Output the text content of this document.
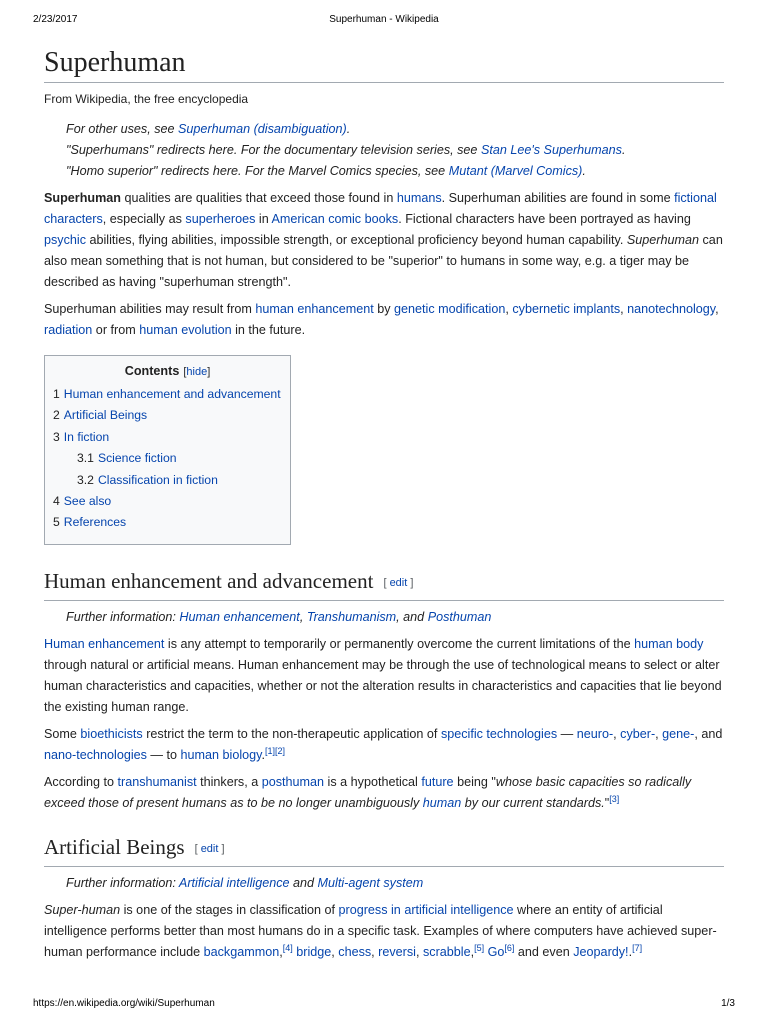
2/23/2017	Superhuman - Wikipedia
Superhuman
From Wikipedia, the free encyclopedia
For other uses, see Superhuman (disambiguation).
"Superhumans" redirects here. For the documentary television series, see Stan Lee's Superhumans.
"Homo superior" redirects here. For the Marvel Comics species, see Mutant (Marvel Comics).

Superhuman qualities are qualities that exceed those found in humans. Superhuman abilities are found in some fictional characters, especially as superheroes in American comic books. Fictional characters have been portrayed as having psychic abilities, flying abilities, impossible strength, or exceptional proficiency beyond human capability. Superhuman can also mean something that is not human, but considered to be "superior" to humans in some way, e.g. a tiger may be described as having "superhuman strength".

Superhuman abilities may result from human enhancement by genetic modification, cybernetic implants, nanotechnology, radiation or from human evolution in the future.

Contents [hide]
1 Human enhancement and advancement
2 Artificial Beings
3 In fiction
3.1 Science fiction
3.2 Classification in fiction
4 See also
5 References
Human enhancement and advancement [ edit ]
Further information: Human enhancement, Transhumanism, and Posthuman

Human enhancement is any attempt to temporarily or permanently overcome the current limitations of the human body through natural or artificial means. Human enhancement may be through the use of technological means to select or alter human characteristics and capacities, whether or not the alteration results in characteristics and capacities that lie beyond the existing human range.

Some bioethicists restrict the term to the non-therapeutic application of specific technologies — neuro-, cyber-, gene-, and nano-technologies — to human biology.[1][2]

According to transhumanist thinkers, a posthuman is a hypothetical future being "whose basic capacities so radically exceed those of present humans as to be no longer unambiguously human by our current standards."[3]

Artificial Beings [ edit ]
Further information: Artificial intelligence and Multi-agent system

Super-human is one of the stages in classification of progress in artificial intelligence where an entity of artificial intelligence performs better than most humans do in a specific task. Examples of where computers have achieved super-human performance include backgammon,[4] bridge, chess, reversi, scrabble,[5] Go[6] and even Jeopardy!.[7]

https://en.wikipedia.org/wiki/Superhuman	1/3
